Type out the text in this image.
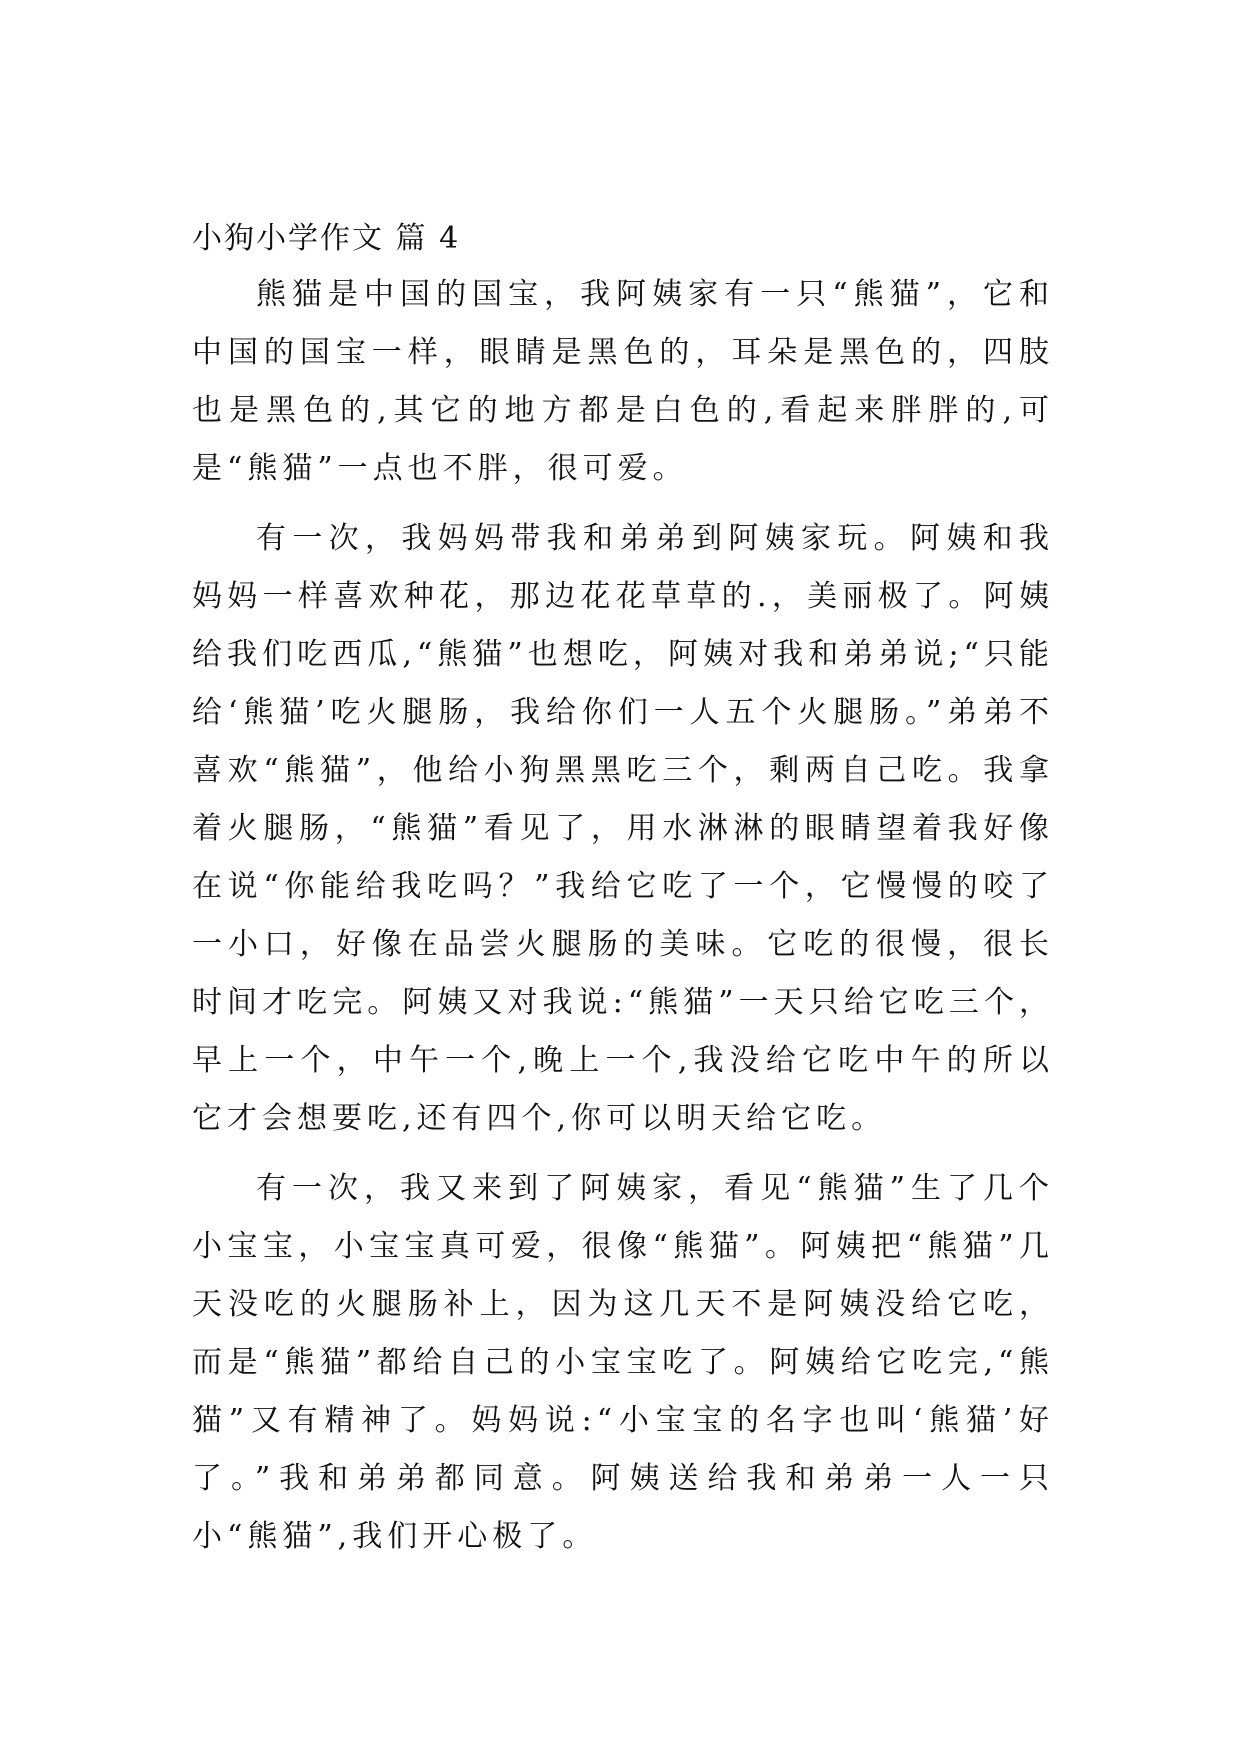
小狗小学作文 篇 4

熊猫是中国的国宝，我阿姨家有一只“熊猫”，它和中国的国宝一样，眼睛是黑色的，耳朵是黑色的，四肢也是黑色的,其它的地方都是白色的,看起来胖胖的,可是“熊猫”一点也不胖，很可爱。

有一次，我妈妈带我和弟弟到阿姨家玩。阿姨和我妈妈一样喜欢种花，那边花花草草的.，美丽极了。阿姨给我们吃西瓜,“熊猫”也想吃，阿姨对我和弟弟说;“只能给‘熊猫’吃火腿肠，我给你们一人五个火腿肠。”弟弟不喜欢“熊猫”，他给小狗黑黑吃三个，剩两自己吃。我拿着火腿肠，“熊猫”看见了，用水淋淋的眼睛望着我好像在说“你能给我吃吗？”我给它吃了一个，它慢慢的咬了一小口，好像在品尝火腿肠的美味。它吃的很慢，很长时间才吃完。阿姨又对我说:“熊猫”一天只给它吃三个，早上一个，中午一个,晚上一个,我没给它吃中午的所以它才会想要吃,还有四个,你可以明天给它吃。

有一次，我又来到了阿姨家，看见“熊猫”生了几个小宝宝，小宝宝真可爱，很像“熊猫”。阿姨把“熊猫”几天没吃的火腿肠补上，因为这几天不是阿姨没给它吃，而是“熊猫”都给自己的小宝宝吃了。阿姨给它吃完,“熊猫”又有精神了。妈妈说:“小宝宝的名字也叫‘熊猫’好了。”我和弟弟都同意。阿姨送给我和弟弟一人一只小“熊猫”,我们开心极了。
